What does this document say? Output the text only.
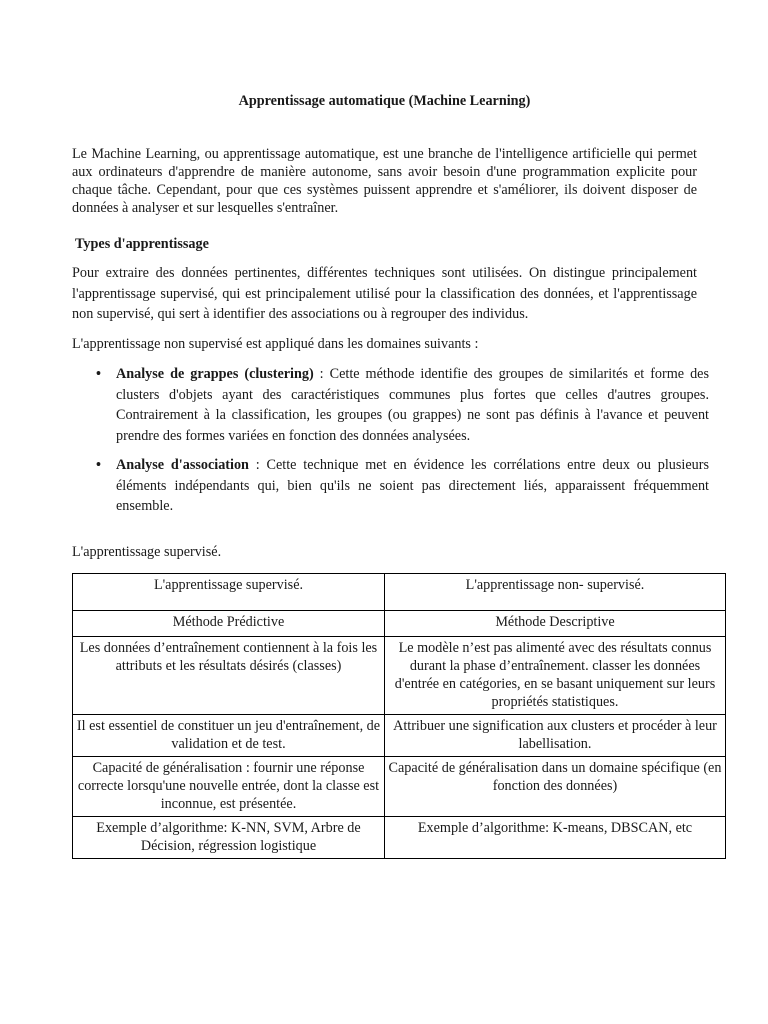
Apprentissage automatique (Machine Learning)

Le Machine Learning, ou apprentissage automatique, est une branche de l'intelligence artificielle qui permet aux ordinateurs d'apprendre de manière autonome, sans avoir besoin d'une programmation explicite pour chaque tâche. Cependant, pour que ces systèmes puissent apprendre et s'améliorer, ils doivent disposer de données à analyser et sur lesquelles s'entraîner.

Types d'apprentissage

Pour extraire des données pertinentes, différentes techniques sont utilisées. On distingue principalement l'apprentissage supervisé, qui est principalement utilisé pour la classification des données, et l'apprentissage non supervisé, qui sert à identifier des associations ou à regrouper des individus.

L'apprentissage non supervisé est appliqué dans les domaines suivants :

• Analyse de grappes (clustering) : Cette méthode identifie des groupes de similarités et forme des clusters d'objets ayant des caractéristiques communes plus fortes que celles d'autres groupes. Contrairement à la classification, les groupes (ou grappes) ne sont pas définis à l'avance et peuvent prendre des formes variées en fonction des données analysées.
• Analyse d'association : Cette technique met en évidence les corrélations entre deux ou plusieurs éléments indépendants qui, bien qu'ils ne soient pas directement liés, apparaissent fréquemment ensemble.

L'apprentissage supervisé.

L'apprentissage supervisé.	L'apprentissage non- supervisé.
Méthode Prédictive	Méthode Descriptive
Les données d’entraînement contiennent à la fois les attributs et les résultats désirés (classes)	Le modèle n’est pas alimenté avec des résultats connus durant la phase d’entraînement. classer les données d'entrée en catégories, en se basant uniquement sur leurs propriétés statistiques.
Il est essentiel de constituer un jeu d'entraînement, de validation et de test.	Attribuer une signification aux clusters et procéder à leur labellisation.
Capacité de généralisation : fournir une réponse correcte lorsqu'une nouvelle entrée, dont la classe est inconnue, est présentée.	Capacité de généralisation dans un domaine spécifique (en fonction des données)
Exemple d’algorithme: K-NN, SVM, Arbre de Décision, régression logistique	Exemple d’algorithme: K-means, DBSCAN, etc
